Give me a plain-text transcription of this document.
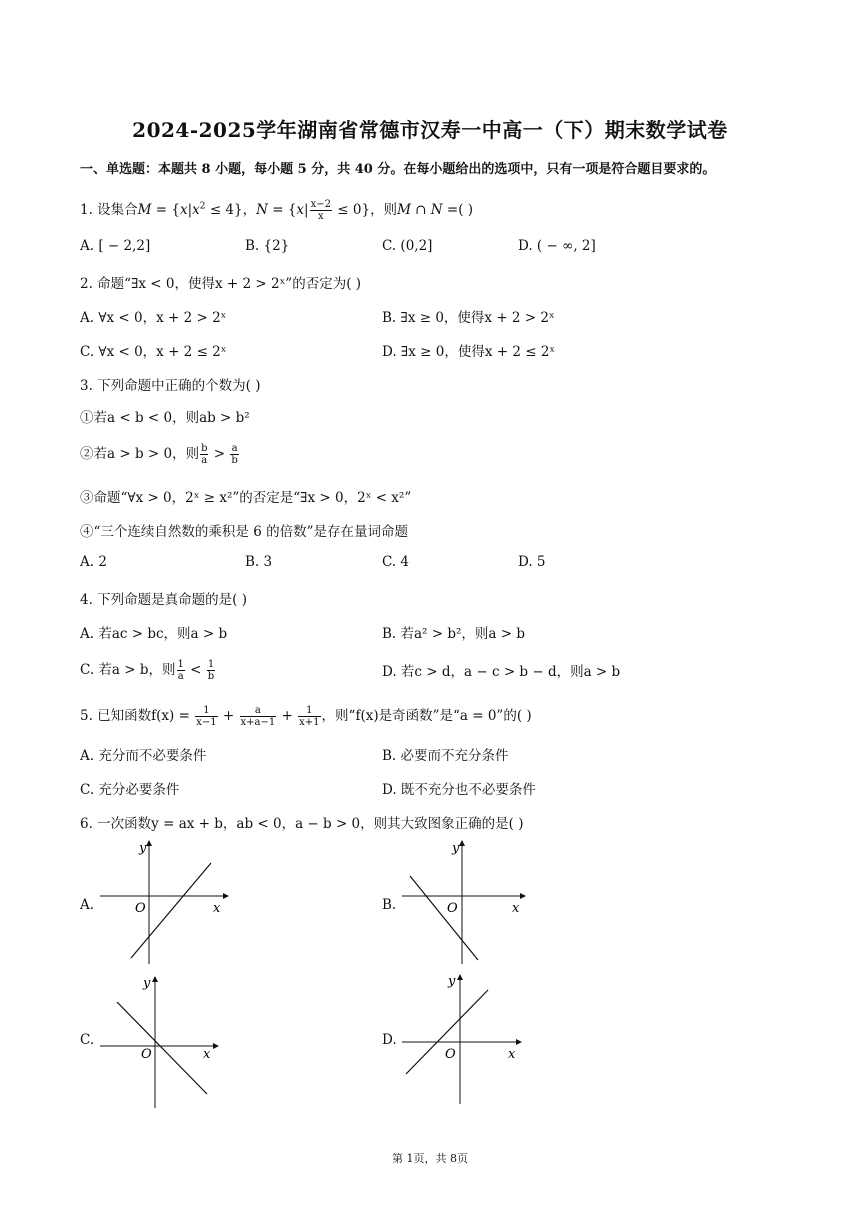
2024-2025学年湖南省常德市汉寿一中高一（下）期末数学试卷
一、单选题：本题共 8 小题，每小题 5 分，共 40 分。在每小题给出的选项中，只有一项是符合题目要求的。
1. 设集合$M = \{x|x^2 \le 4\}$，$N = \{x| \frac{x-2}{x} \le 0\}$，则M ∩ N =( )
A. [ − 2,2]	B. {2}	C. (0,2]	D. ( − ∞, 2]
2. 命题“∃x < 0，使得x + 2 > 2ˣ”的否定为( )
A. ∀x < 0，x + 2 > 2ˣ	B. ∃x ≥ 0，使得x + 2 > 2ˣ
C. ∀x < 0，x + 2 ≤ 2ˣ	D. ∃x ≥ 0，使得x + 2 ≤ 2ˣ
3. 下列命题中正确的个数为( )
①若a < b < 0，则ab > b²
②若a > b > 0，则 $\frac{b}{a} > \frac{a}{b}$
③命题“∀x > 0，2ˣ ≥ x²”的否定是“∃x > 0，2ˣ < x²”
④“三个连续自然数的乘积是 6 的倍数”是存在量词命题
A. 2	B. 3	C. 4	D. 5
4. 下列命题是真命题的是( )
A. 若ac > bc，则a > b	B. 若a² > b²，则a > b
C. 若a > b，则 $\frac{1}{a} < \frac{1}{b}$	D. 若c > d，a − c > b − d，则a > b
5. 已知函数$f(x) = \frac{1}{x-1} + \frac{a}{x+a-1} + \frac{1}{x+1}$ ，则“f(x)是奇函数”是“a = 0”的( )
A. 充分而不必要条件	B. 必要而不充分条件
C. 充分必要条件	D. 既不充分也不必要条件
6. 一次函数y = ax + b，ab < 0，a − b > 0，则其大致图象正确的是( )
A.
y
x
O	B.
y
x
O
C.
y
x
O
D.
y
x
O
第 1页，共 8页
